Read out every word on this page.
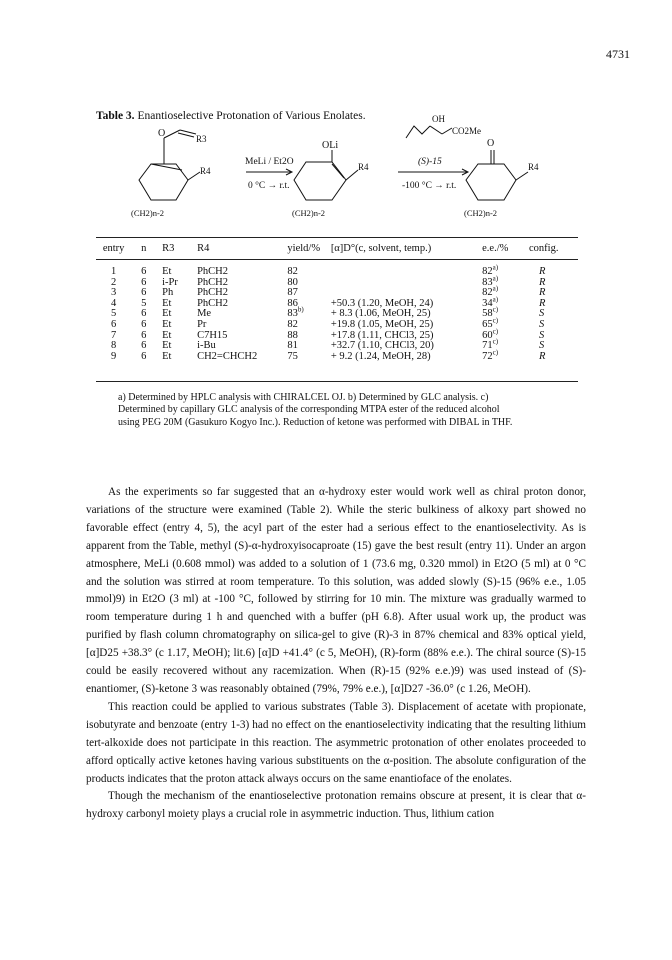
4731
Table 3. Enantioselective Protonation of Various Enolates.
O	R3
R4
(CH2)n-2
MeLi / Et2O
0 °C → r.t.
OLi
R4
(CH2)n-2
OH
CO2Me
(S)-15
-100 °C → r.t.
O
R4
(CH2)n-2
entry	n	R3	R4	yield/%	[α]D°(c, solvent, temp.)	e.e./%	config.
1	6	Et	PhCH2	82		82$^{a)}$	R
2	6	i-Pr	PhCH2	80		83$^{a)}$	R
3	6	Ph	PhCH2	87		82$^{a)}$	R
4	5	Et	PhCH2	86	+50.3 (1.20, MeOH, 24)	34$^{a)}$	R
5	6	Et	Me	$83^{b)}$	+ 8.3 (1.06, MeOH, 25)	58$^{c)}$	S
6	6	Et	Pr	82	+19.8 (1.05, MeOH, 25)	65$^{c)}$	S
7	6	Et	C7H15	88	+17.8 (1.11, CHCl3, 25)	60$^{c)}$	S
8	6	Et	i-Bu	81	+32.7 (1.10, CHCl3, 20)	71$^{c)}$	S
9	6	Et	CH2=CHCH2	75	+ 9.2 (1.24, MeOH, 28)	72$^{c)}$	R
a) Determined by HPLC analysis with CHIRALCEL OJ. b) Determined by GLC analysis. c) Determined by capillary GLC analysis of the corresponding MTPA ester of the reduced alcohol using PEG 20M (Gasukuro Kogyo Inc.). Reduction of ketone was performed with DIBAL in THF.

As the experiments so far suggested that an α-hydroxy ester would work well as chiral proton donor, variations of the structure were examined (Table 2). While the steric bulkiness of alkoxy part showed no favorable effect (entry 4, 5), the acyl part of the ester had a serious effect to the enantioselectivity. As is apparent from the Table, methyl (S)-α-hydroxyisocaproate (15) gave the best result (entry 11). Under an argon atmosphere, MeLi (0.608 mmol) was added to a solution of 1 (73.6 mg, 0.320 mmol) in Et2O (5 ml) at 0 °C and the solution was stirred at room temperature. To this solution, was added slowly (S)-15 (96% e.e., 1.05 mmol)9) in Et2O (3 ml) at -100 °C, followed by stirring for 10 min. The mixture was gradually warmed to room temperature during 1 h and quenched with a buffer (pH 6.8). After usual work up, the product was purified by flash column chromatography on silica-gel to give (R)-3 in 87% chemical and 83% optical yield, [α]D25 +38.3° (c 1.17, MeOH); lit.6) [α]D +41.4° (c 5, MeOH), (R)-form (88% e.e.). The chiral source (S)-15 could be easily recovered without any racemization. When (R)-15 (92% e.e.)9) was used instead of (S)-enantiomer, (S)-ketone 3 was reasonably obtained (79%, 79% e.e.), [α]D27 -36.0° (c 1.26, MeOH).

This reaction could be applied to various substrates (Table 3). Displacement of acetate with propionate, isobutyrate and benzoate (entry 1-3) had no effect on the enantioselectivity indicating that the resulting lithium tert-alkoxide does not participate in this reaction. The asymmetric protonation of other enolates proceeded to afford optically active ketones having various substituents on the α-position. The absolute configuration of the products indicates that the proton attack always occurs on the same enantioface of the enolates.

Though the mechanism of the enantioselective protonation remains obscure at present, it is clear that α-hydroxy carbonyl moiety plays a crucial role in asymmetric induction. Thus, lithium cation
